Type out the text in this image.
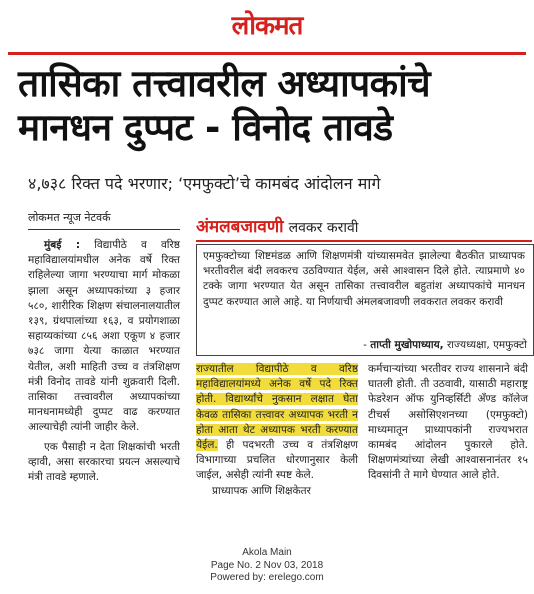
लोकमत
तासिका तत्त्वावरील अध्यापकांचे मानधन दुप्पट - विनोद तावडे
४,७३८ रिक्त पदे भरणार; ‘एमफुक्टो’चे कामबंद आंदोलन मागे
लोकमत न्यूज नेटवर्क

मुंबई : विद्यापीठे व वरिष्ठ महाविद्यालयांमधील अनेक वर्षे रिक्त राहिलेल्या जागा भरण्याचा मार्ग मोकळा झाला असून अध्यापकांच्या ३ हजार ५८०, शारीरिक शिक्षण संचालनालयातील १३९, ग्रंथपालांच्या १६३, व प्रयोगशाळा सहाय्यकांच्या ८५६ अशा एकूण ४ हजार ७३८ जागा येत्या काळात भरण्यात येतील, अशी माहिती उच्च व तंत्रशिक्षण मंत्री विनोद तावडे यांनी शुक्रवारी दिली. तासिका तत्त्वावरील अध्यापकांच्या मानधनामध्येही दुप्पट वाढ करण्यात आल्याचेही त्यांनी जाहीर केले.

एक पैसाही न देता शिक्षकांची भरती व्हावी, असा सरकारचा प्रयत्न असल्याचे मंत्री तावडे म्हणाले.

अंमलबजावणी लवकर करावी
एमफुक्टोच्या शिष्टमंडळ आणि शिक्षणमंत्री यांच्यासमवेत झालेल्या बैठकीत प्राध्यापक भरतीवरील बंदी लवकरच उठविण्यात येईल, असे आश्वासन दिले होते. त्याप्रमाणे ४० टक्के जागा भरण्यात येत असून तासिका तत्त्वावरील बहुतांश अध्यापकांचे मानधन दुप्पट करण्यात आले आहे. या निर्णयाची अंमलबजावणी लवकरात लवकर करावी
- ताप्ती मुखोपाध्याय, राज्यध्यक्षा, एमफुक्टो

राज्यातील विद्यापीठे व वरिष्ठ महाविद्यालयांमध्ये अनेक वर्षे पदे रिक्त होती. विद्यार्थ्यांचे नुकसान लक्षात घेता केवळ तासिका तत्त्वावर अध्यापक भरती न होता आता थेट अध्यापक भरती करण्यात येईल. ही पदभरती उच्च व तंत्रशिक्षण विभागाच्या प्रचलित धोरणानुसार केली जाईल, असेही त्यांनी स्पष्ट केले.

प्राध्यापक आणि शिक्षकेतर

कर्मचाऱ्यांच्या भरतीवर राज्य शासनाने बंदी घातली होती. ती उठवावी, यासाठी महाराष्ट्र फेडरेशन ऑफ युनिव्हर्सिटी अँण्ड कॉलेज टीचर्स असोसिएशनच्या (एमफुक्टो) माध्यमातून प्राध्यापकांनी राज्यभरात कामबंद आंदोलन पुकारले होते. शिक्षणमंत्र्यांच्या लेखी आश्वासनानंतर १५ दिवसांनी ते मागे घेण्यात आले होते.

Akola Main
Page No. 2 Nov 03, 2018
Powered by: erelego.com
